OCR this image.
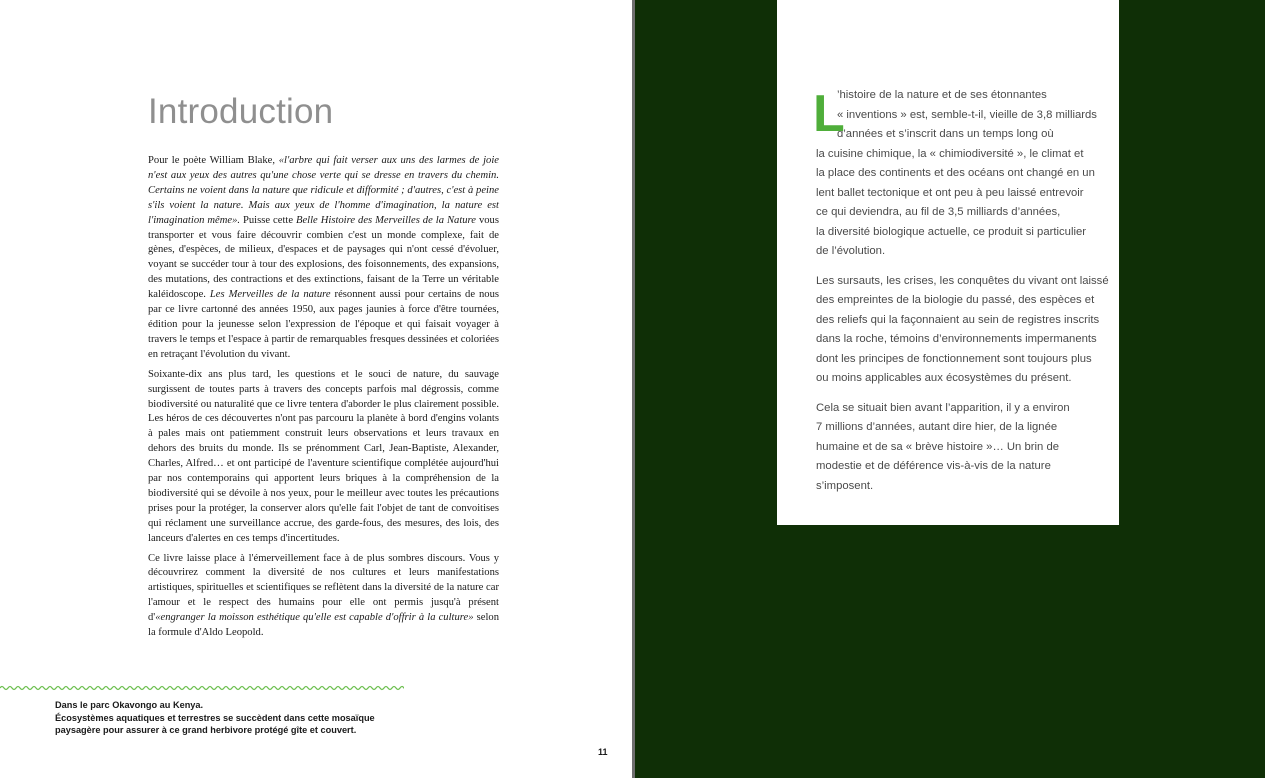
Introduction

Pour le poète William Blake, «l'arbre qui fait verser aux uns des larmes de joie n'est aux yeux des autres qu'une chose verte qui se dresse en travers du chemin. Certains ne voient dans la nature que ridicule et difformité ; d'autres, c'est à peine s'ils voient la nature. Mais aux yeux de l'homme d'imagination, la nature est l'imagination même». Puisse cette Belle Histoire des Merveilles de la Nature vous transporter et vous faire découvrir combien c'est un monde complexe, fait de gènes, d'espèces, de milieux, d'espaces et de paysages qui n'ont cessé d'évoluer, voyant se succéder tour à tour des explosions, des foisonnements, des expansions, des mutations, des contractions et des extinctions, faisant de la Terre un véritable kaléidoscope. Les Merveilles de la nature résonnent aussi pour certains de nous par ce livre cartonné des années 1950, aux pages jaunies à force d'être tournées, édition pour la jeunesse selon l'expression de l'époque et qui faisait voyager à travers le temps et l'espace à partir de remarquables fresques dessinées et coloriées en retraçant l'évolution du vivant.

Soixante-dix ans plus tard, les questions et le souci de nature, du sauvage surgissent de toutes parts à travers des concepts parfois mal dégrossis, comme biodiversité ou naturalité que ce livre tentera d'aborder le plus clairement possible. Les héros de ces découvertes n'ont pas parcouru la planète à bord d'engins volants à pales mais ont patiemment construit leurs observations et leurs travaux en dehors des bruits du monde. Ils se prénomment Carl, Jean-Baptiste, Alexander, Charles, Alfred… et ont participé de l'aventure scientifique complétée aujourd'hui par nos contemporains qui apportent leurs briques à la compréhension de la biodiversité qui se dévoile à nos yeux, pour le meilleur avec toutes les précautions prises pour la protéger, la conserver alors qu'elle fait l'objet de tant de convoitises qui réclament une surveillance accrue, des garde-fous, des mesures, des lois, des lanceurs d'alertes en ces temps d'incertitudes.

Ce livre laisse place à l'émerveillement face à de plus sombres discours. Vous y découvrirez comment la diversité de nos cultures et leurs manifestations artistiques, spirituelles et scientifiques se reflètent dans la diversité de la nature car l'amour et le respect des humains pour elle ont permis jusqu'à présent d'«engranger la moisson esthétique qu'elle est capable d'offrir à la culture» selon la formule d'Aldo Leopold.

Dans le parc Okavongo au Kenya.
Écosystèmes aquatiques et terrestres se succèdent dans cette mosaïque
paysagère pour assurer à ce grand herbivore protégé gîte et couvert.
11
L

’histoire de la nature et de ses étonnantes
« inventions » est, semble-t-il, vieille de 3,8 milliards
d’années et s’inscrit dans un temps long où
la cuisine chimique, la « chimiodiversité », le climat et
la place des continents et des océans ont changé en un
lent ballet tectonique et ont peu à peu laissé entrevoir
ce qui deviendra, au fil de 3,5 milliards d’années,
la diversité biologique actuelle, ce produit si particulier
de l’évolution.

Les sursauts, les crises, les conquêtes du vivant ont laissé
des empreintes de la biologie du passé, des espèces et
des reliefs qui la façonnaient au sein de registres inscrits
dans la roche, témoins d’environnements impermanents
dont les principes de fonctionnement sont toujours plus
ou moins applicables aux écosystèmes du présent.

Cela se situait bien avant l’apparition, il y a environ
7 millions d’années, autant dire hier, de la lignée
humaine et de sa « brève histoire »… Un brin de
modestie et de déférence vis-à-vis de la nature
s’imposent.
